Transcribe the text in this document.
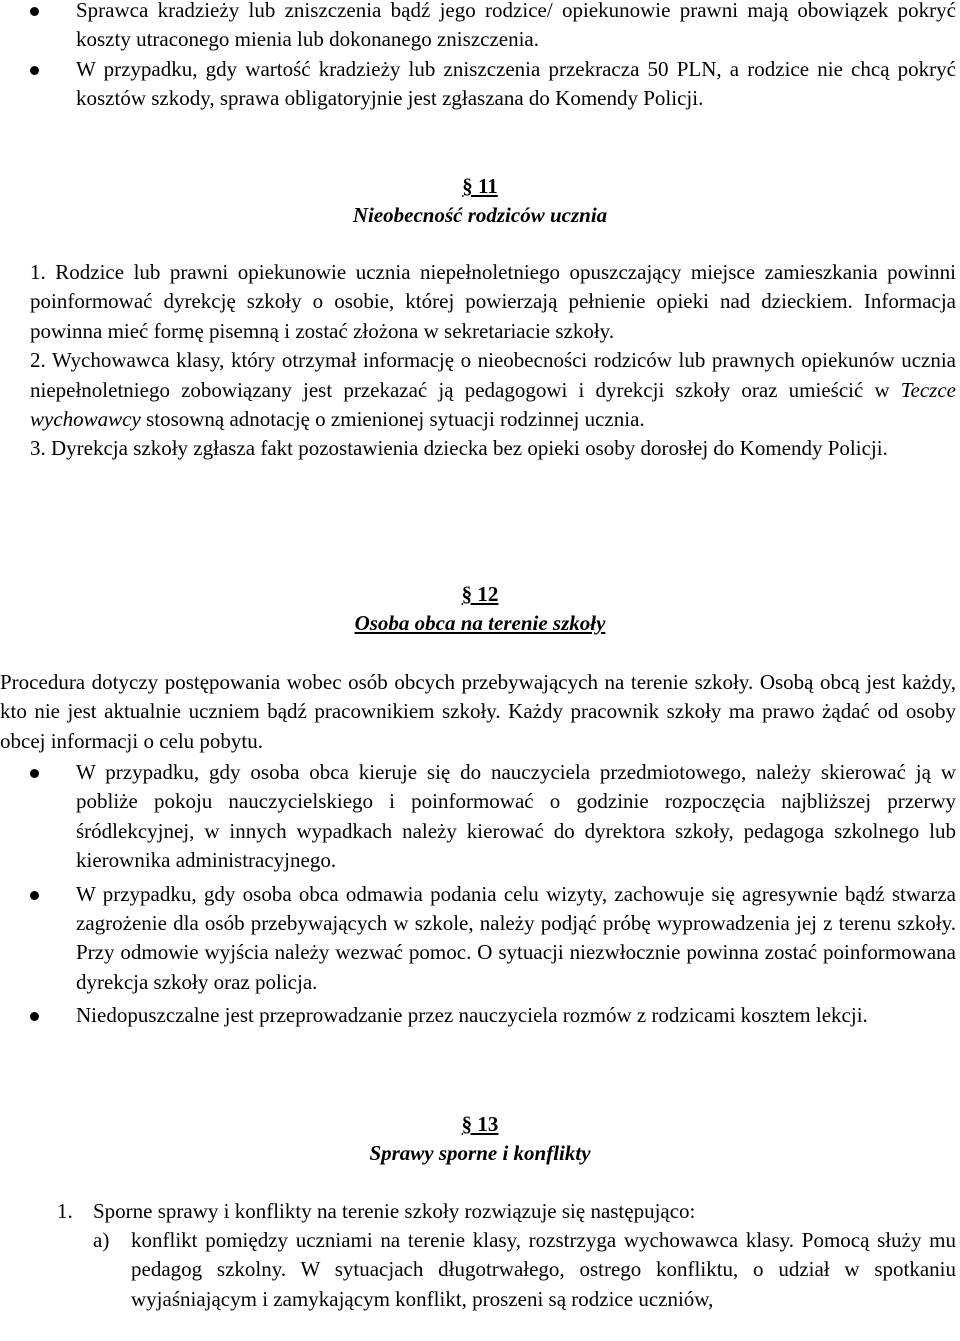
Sprawca kradzieży lub zniszczenia bądź jego rodzice/ opiekunowie prawni mają obowiązek pokryć koszty utraconego mienia lub dokonanego zniszczenia.

W przypadku, gdy wartość kradzieży lub zniszczenia przekracza 50 PLN, a rodzice nie chcą pokryć kosztów szkody, sprawa obligatoryjnie jest zgłaszana do Komendy Policji.

§ 11
Nieobecność rodziców ucznia

1. Rodzice lub prawni opiekunowie ucznia niepełnoletniego opuszczający miejsce zamieszkania powinni poinformować dyrekcję szkoły o osobie, której powierzają pełnienie opieki nad dzieckiem. Informacja powinna mieć formę pisemną i zostać złożona w sekretariacie szkoły.

2. Wychowawca klasy, który otrzymał informację o nieobecności rodziców lub prawnych opiekunów ucznia niepełnoletniego zobowiązany jest przekazać ją pedagogowi i dyrekcji szkoły oraz umieścić w Teczce wychowawcy stosowną adnotację o zmienionej sytuacji rodzinnej ucznia.

3. Dyrekcja szkoły zgłasza fakt pozostawienia dziecka bez opieki osoby dorosłej do Komendy Policji.

§ 12
Osoba obca na terenie szkoły

Procedura dotyczy postępowania wobec osób obcych przebywających na terenie szkoły. Osobą obcą jest każdy, kto nie jest aktualnie uczniem bądź pracownikiem szkoły. Każdy pracownik szkoły ma prawo żądać od osoby obcej informacji o celu pobytu.

W przypadku, gdy osoba obca kieruje się do nauczyciela przedmiotowego, należy skierować ją w pobliże pokoju nauczycielskiego i poinformować o godzinie rozpoczęcia najbliższej przerwy śródlekcyjnej, w innych wypadkach należy kierować do dyrektora szkoły, pedagoga szkolnego lub kierownika administracyjnego.

W przypadku, gdy osoba obca odmawia podania celu wizyty, zachowuje się agresywnie bądź stwarza zagrożenie dla osób przebywających w szkole, należy podjąć próbę wyprowadzenia jej z terenu szkoły. Przy odmowie wyjścia należy wezwać pomoc. O sytuacji niezwłocznie powinna zostać poinformowana dyrekcja szkoły oraz policja.

Niedopuszczalne jest przeprowadzanie przez nauczyciela rozmów z rodzicami kosztem lekcji.

§ 13
Sprawy sporne i konflikty
1. Sporne sprawy i konflikty na terenie szkoły rozwiązuje się następująco:

a) konflikt pomiędzy uczniami na terenie klasy, rozstrzyga wychowawca klasy. Pomocą służy mu pedagog szkolny. W sytuacjach długotrwałego, ostrego konfliktu, o udział w spotkaniu wyjaśniającym i zamykającym konflikt, proszeni są rodzice uczniów,
